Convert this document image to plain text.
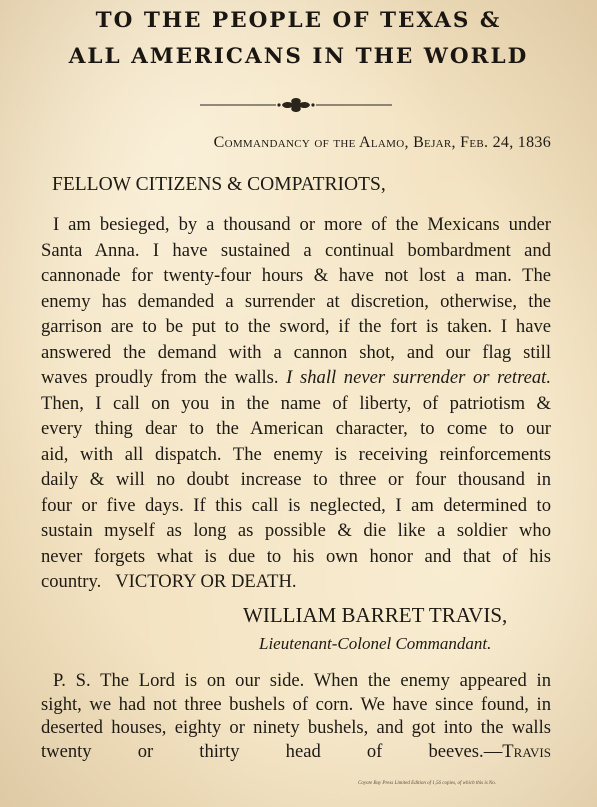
TO THE PEOPLE OF TEXAS &
ALL AMERICANS IN THE WORLD
Commandancy of the Alamo, Bejar, Feb. 24, 1836
FELLOW CITIZENS & COMPATRIOTS,
I am besieged, by a thousand or more of the Mexicans under
Santa Anna. I have sustained a continual bombardment and
cannonade for twenty-four hours & have not lost a man. The
enemy has demanded a surrender at discretion, otherwise, the
garrison are to be put to the sword, if the fort is taken. I have
answered the demand with a cannon shot, and our flag still
waves proudly from the walls. I shall never surrender or retreat.
Then, I call on you in the name of liberty, of patriotism &
every thing dear to the American character, to come to our
aid, with all dispatch. The enemy is receiving reinforcements
daily & will no doubt increase to three or four thousand in
four or five days. If this call is neglected, I am determined to
sustain myself as long as possible & die like a soldier who
never forgets what is due to his own honor and that of his
country. VICTORY OR DEATH.
WILLIAM BARRET TRAVIS,
Lieutenant-Colonel Commandant.
P. S. The Lord is on our side. When the enemy appeared in
sight, we had not three bushels of corn. We have since found, in
deserted houses, eighty or ninety bushels, and got into the walls
twenty or thirty head of beeves.—Travis
Coyote Bay Press Limited Edition of 1,56 copies, of which this is No.
